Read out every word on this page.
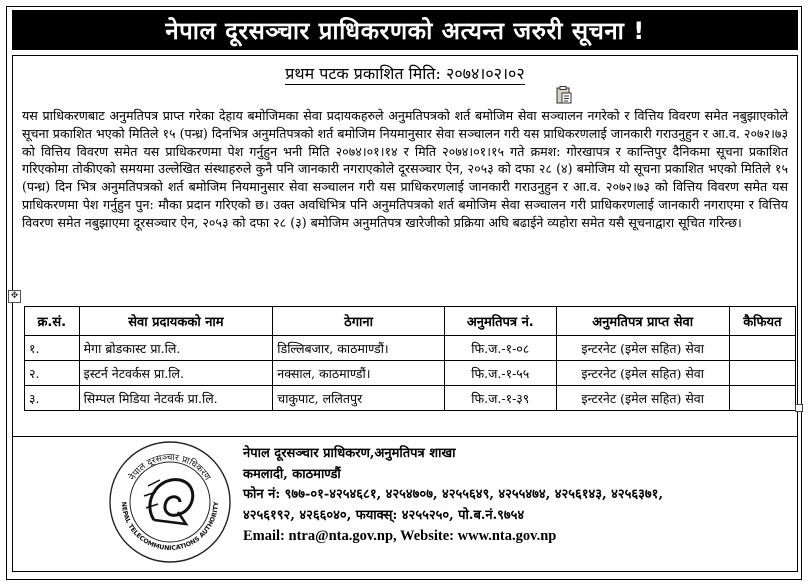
नेपाल दूरसञ्चार प्राधिकरणको अत्यन्त जरुरी सूचना !
प्रथम पटक प्रकाशित मिति: २०७४।०२।०२
यस प्राधिकरणबाट अनुमतिपत्र प्राप्त गरेका देहाय बमोजिमका सेवा प्रदायकहरुले अनुमतिपत्रको शर्त बमोजिम सेवा सञ्चालन नगरेको र वित्तिय विवरण समेत नबुझाएकोले सूचना प्रकाशित भएको मितिले १५ (पन्ध्र) दिनभित्र अनुमतिपत्रको शर्त बमोजिम नियमानुसार सेवा सञ्चालन गरी यस प्राधिकरणलाई जानकारी गराउनुहुन र आ.व. २०७२।७३ को वित्तिय विवरण समेत यस प्राधिकरणमा पेश गर्नुहुन भनी मिति २०७४।०१।१४ र मिति २०७४।०१।१५ गते क्रमश: गोरखापत्र र कान्तिपुर दैनिकमा सूचना प्रकाशित गरिएकोमा तोकीएको समयमा उल्लेखित संस्थाहरुले कुनै पनि जानकारी नगराएकोले दूरसञ्चार ऐन, २०५३ को दफा २८ (४) बमोजिम यो सूचना प्रकाशित भएको मितिले १५ (पन्ध्र) दिन भित्र अनुमतिपत्रको शर्त बमोजिम नियमानुसार सेवा सञ्चालन गरी यस प्राधिकरणलाई जानकारी गराउनुहुन र आ.व. २०७२।७३ को वित्तिय विवरण समेत यस प्राधिकरणमा पेश गर्नुहुन पुन: मौका प्रदान गरिएको छ। उक्त अवधिभित्र पनि अनुमतिपत्रको शर्त बमोजिम सेवा सञ्चालन गरी प्राधिकरणलाई जानकारी नगराएमा र वित्तिय विवरण समेत नबुझाएमा दूरसञ्चार ऐन, २०५३ को दफा २८ (३) बमोजिम अनुमतिपत्र खारेजीको प्रक्रिया अघि बढाईने व्यहोरा समेत यसै सूचनाद्वारा सूचित गरिन्छ।
✥
क्र.सं.	सेवा प्रदायकको नाम	ठेगाना	अनुमतिपत्र नं.	अनुमतिपत्र प्राप्त सेवा	कैफियत
१.	मेगा ब्रोडकास्ट प्रा.लि.	डिल्लिबजार, काठमाण्डौं।	फि.ज.-१-०८	इन्टरनेट (इमेल सहित) सेवा	
२.	इस्टर्न नेटवर्कस प्रा.लि.	नक्साल, काठमाण्डौं।	फि.ज.-१-५५	इन्टरनेट (इमेल सहित) सेवा	
३.	सिम्पल मिडिया नेटवर्क प्रा.लि.	चाकुपाट, ललितपुर	फि.ज.-१-३९	इन्टरनेट (इमेल सहित) सेवा	
नेपाल दूरसञ्चार प्राधिकरण
NEPAL TELECOMMUNICATIONS AUTHORITY
नेपाल दूरसञ्चार प्राधिकरण,अनुमतिपत्र शाखा
कमलादी, काठमाण्डौं
फोन नं: ९७७-०१-४२५४६८१, ४२५४७०७, ४२५५६४९, ४२५५४७४, ४२५६१४३, ४२५६३७१,
४२५६१९२, ४२६६०४०, फयाक्स्: ४२५५२५०, पो.ब.नं.९७५४
Email: ntra@nta.gov.np, Website: www.nta.gov.np
